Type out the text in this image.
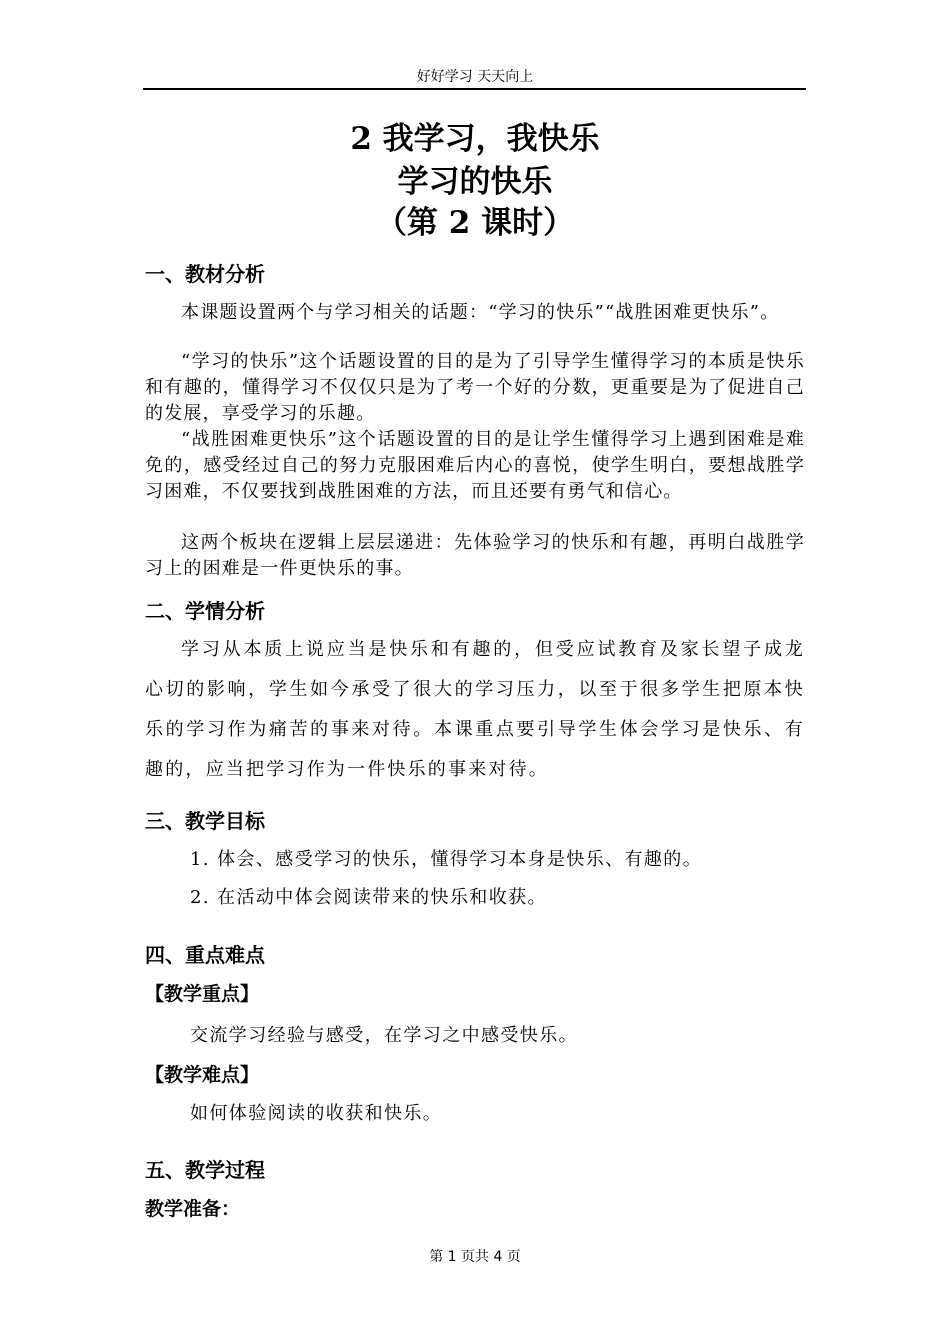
好好学习 天天向上
2 我学习，我快乐
学习的快乐
（第 2 课时）
一、教材分析

本课题设置两个与学习相关的话题：“学习的快乐”“战胜困难更快乐”。

“学习的快乐”这个话题设置的目的是为了引导学生懂得学习的本质是快乐和有趣的，懂得学习不仅仅只是为了考一个好的分数，更重要是为了促进自己的发展，享受学习的乐趣。

“战胜困难更快乐”这个话题设置的目的是让学生懂得学习上遇到困难是难免的，感受经过自己的努力克服困难后内心的喜悦，使学生明白，要想战胜学习困难，不仅要找到战胜困难的方法，而且还要有勇气和信心。

这两个板块在逻辑上层层递进：先体验学习的快乐和有趣，再明白战胜学习上的困难是一件更快乐的事。

二、学情分析

学习从本质上说应当是快乐和有趣的，但受应试教育及家长望子成龙心切的影响，学生如今承受了很大的学习压力，以至于很多学生把原本快乐的学习作为痛苦的事来对待。本课重点要引导学生体会学习是快乐、有趣的，应当把学习作为一件快乐的事来对待。

三、教学目标
1. 体会、感受学习的快乐，懂得学习本身是快乐、有趣的。
2. 在活动中体会阅读带来的快乐和收获。
四、重点难点
【教学重点】
交流学习经验与感受，在学习之中感受快乐。
【教学难点】
如何体验阅读的收获和快乐。
五、教学过程
教学准备：
第 1 页共 4 页
